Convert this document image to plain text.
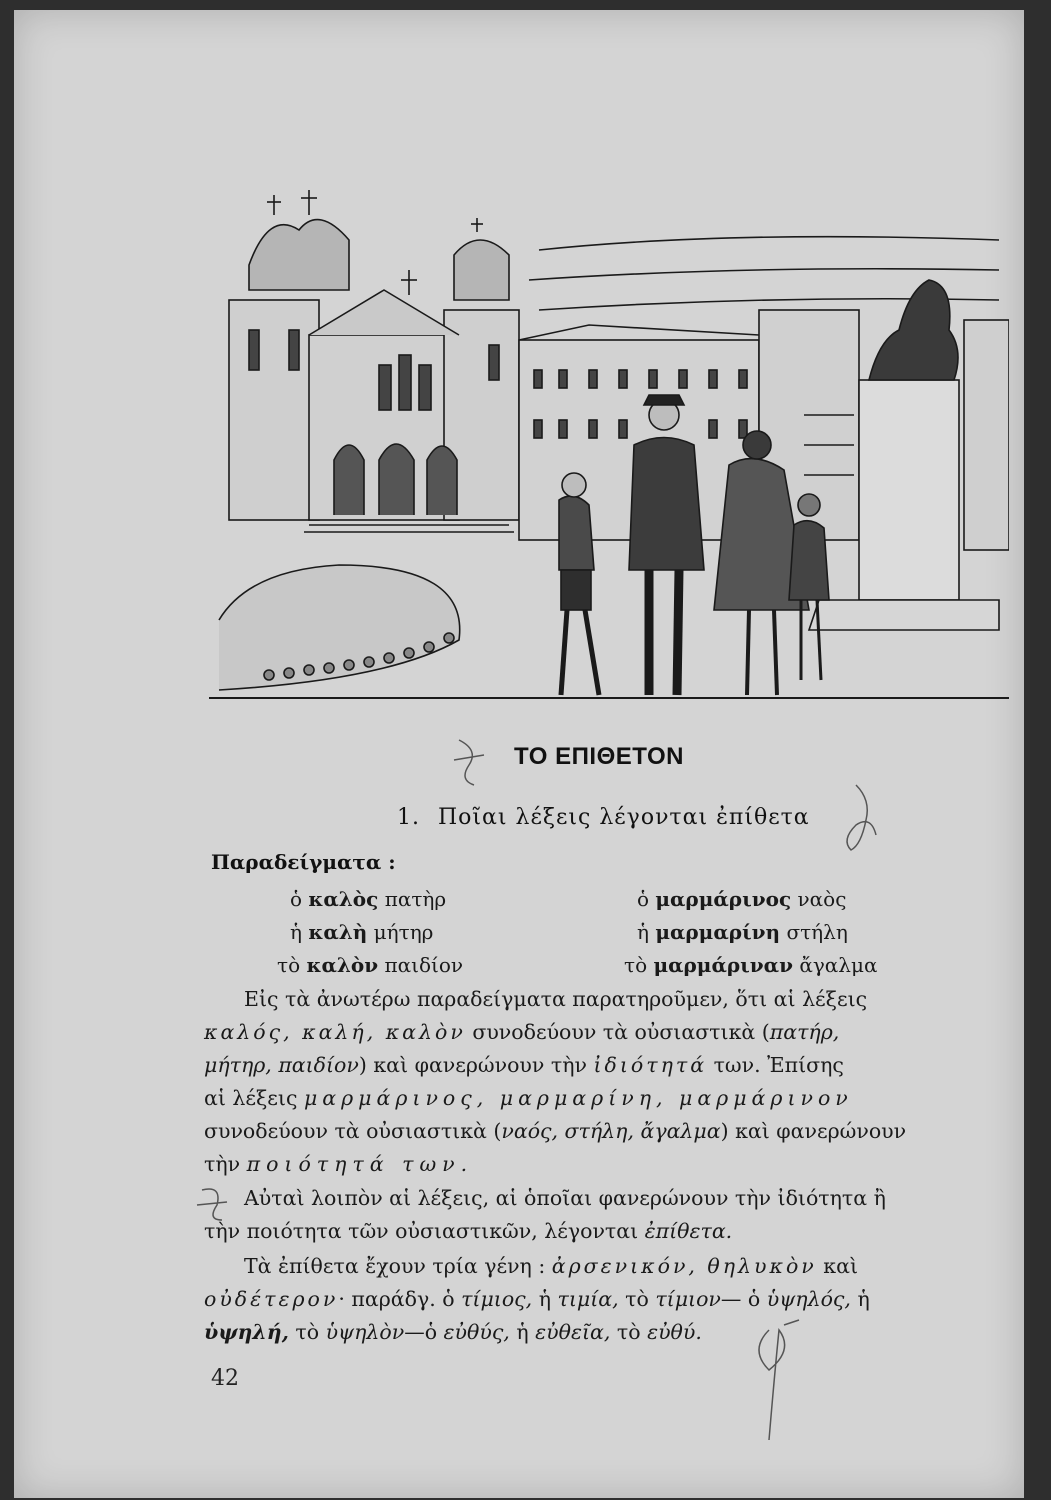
ΤΟ ΕΠΙΘΕΤΟΝ
1. Ποῖαι λέξεις λέγονται ἐπίθετα
Παραδείγματα :
ὁ καλὸς πατὴρ
ἡ καλὴ μήτηρ
τὸ καλὸν παιδίον
ὁ μαρμάρινος ναὸς
ἡ μαρμαρίνη στήλη
τὸ μαρμάριναν ἄγαλμα
Εἰς τὰ ἀνωτέρω παραδείγματα παρατηροῦμεν, ὅτι αἱ λέξεις
καλός, καλή, καλὸν συνοδεύουν τὰ οὐσιαστικὰ (πατήρ,
μήτηρ, παιδίον) καὶ φανερώνουν τὴν ἰδιότητά των. Ἐπίσης
αἱ λέξεις μαρμάρινος, μαρμαρίνη, μαρμάρινον
συνοδεύουν τὰ οὐσιαστικὰ (ναός, στήλη, ἄγαλμα) καὶ φανερώνουν
τὴν ποιότητά των.
Αὐταὶ λοιπὸν αἱ λέξεις, αἱ ὁποῖαι φανερώνουν τὴν ἰδιότητα ἢ
τὴν ποιότητα τῶν οὐσιαστικῶν, λέγονται ἐπίθετα.
Τὰ ἐπίθετα ἔχουν τρία γένη : ἀρσενικόν, θηλυκὸν καὶ
οὐδέτερον· παράδγ. ὁ τίμιος, ἡ τιμία, τὸ τίμιον— ὁ ὑψηλός, ἡ
ὑψηλή, τὸ ὑψηλὸν—ὁ εὐθύς, ἡ εὐθεῖα, τὸ εὐθύ.
42
